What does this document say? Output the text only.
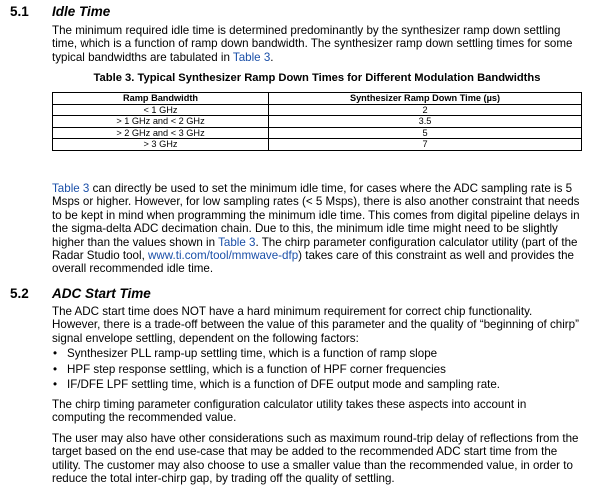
5.1 Idle Time
The minimum required idle time is determined predominantly by the synthesizer ramp down settling time, which is a function of ramp down bandwidth. The synthesizer ramp down settling times for some typical bandwidths are tabulated in Table 3.
Table 3. Typical Synthesizer Ramp Down Times for Different Modulation Bandwidths
Ramp Bandwidth	Synthesizer Ramp Down Time (µs)
< 1 GHz	2
> 1 GHz and < 2 GHz	3.5
> 2 GHz and < 3 GHz	5
> 3 GHz	7
Table 3 can directly be used to set the minimum idle time, for cases where the ADC sampling rate is 5 Msps or higher. However, for low sampling rates (< 5 Msps), there is also another constraint that needs to be kept in mind when programming the minimum idle time. This comes from digital pipeline delays in the sigma-delta ADC decimation chain. Due to this, the minimum idle time might need to be slightly higher than the values shown in Table 3. The chirp parameter configuration calculator utility (part of the Radar Studio tool, www.ti.com/tool/mmwave-dfp) takes care of this constraint as well and provides the overall recommended idle time.
5.2 ADC Start Time
The ADC start time does NOT have a hard minimum requirement for correct chip functionality. However, there is a trade-off between the value of this parameter and the quality of “beginning of chirp” signal envelope settling, dependent on the following factors:
• Synthesizer PLL ramp-up settling time, which is a function of ramp slope
• HPF step response settling, which is a function of HPF corner frequencies
• IF/DFE LPF settling time, which is a function of DFE output mode and sampling rate.
The chirp timing parameter configuration calculator utility takes these aspects into account in computing the recommended value.
The user may also have other considerations such as maximum round-trip delay of reflections from the target based on the end use-case that may be added to the recommended ADC start time from the utility. The customer may also choose to use a smaller value than the recommended value, in order to reduce the total inter-chirp gap, by trading off the quality of settling.
